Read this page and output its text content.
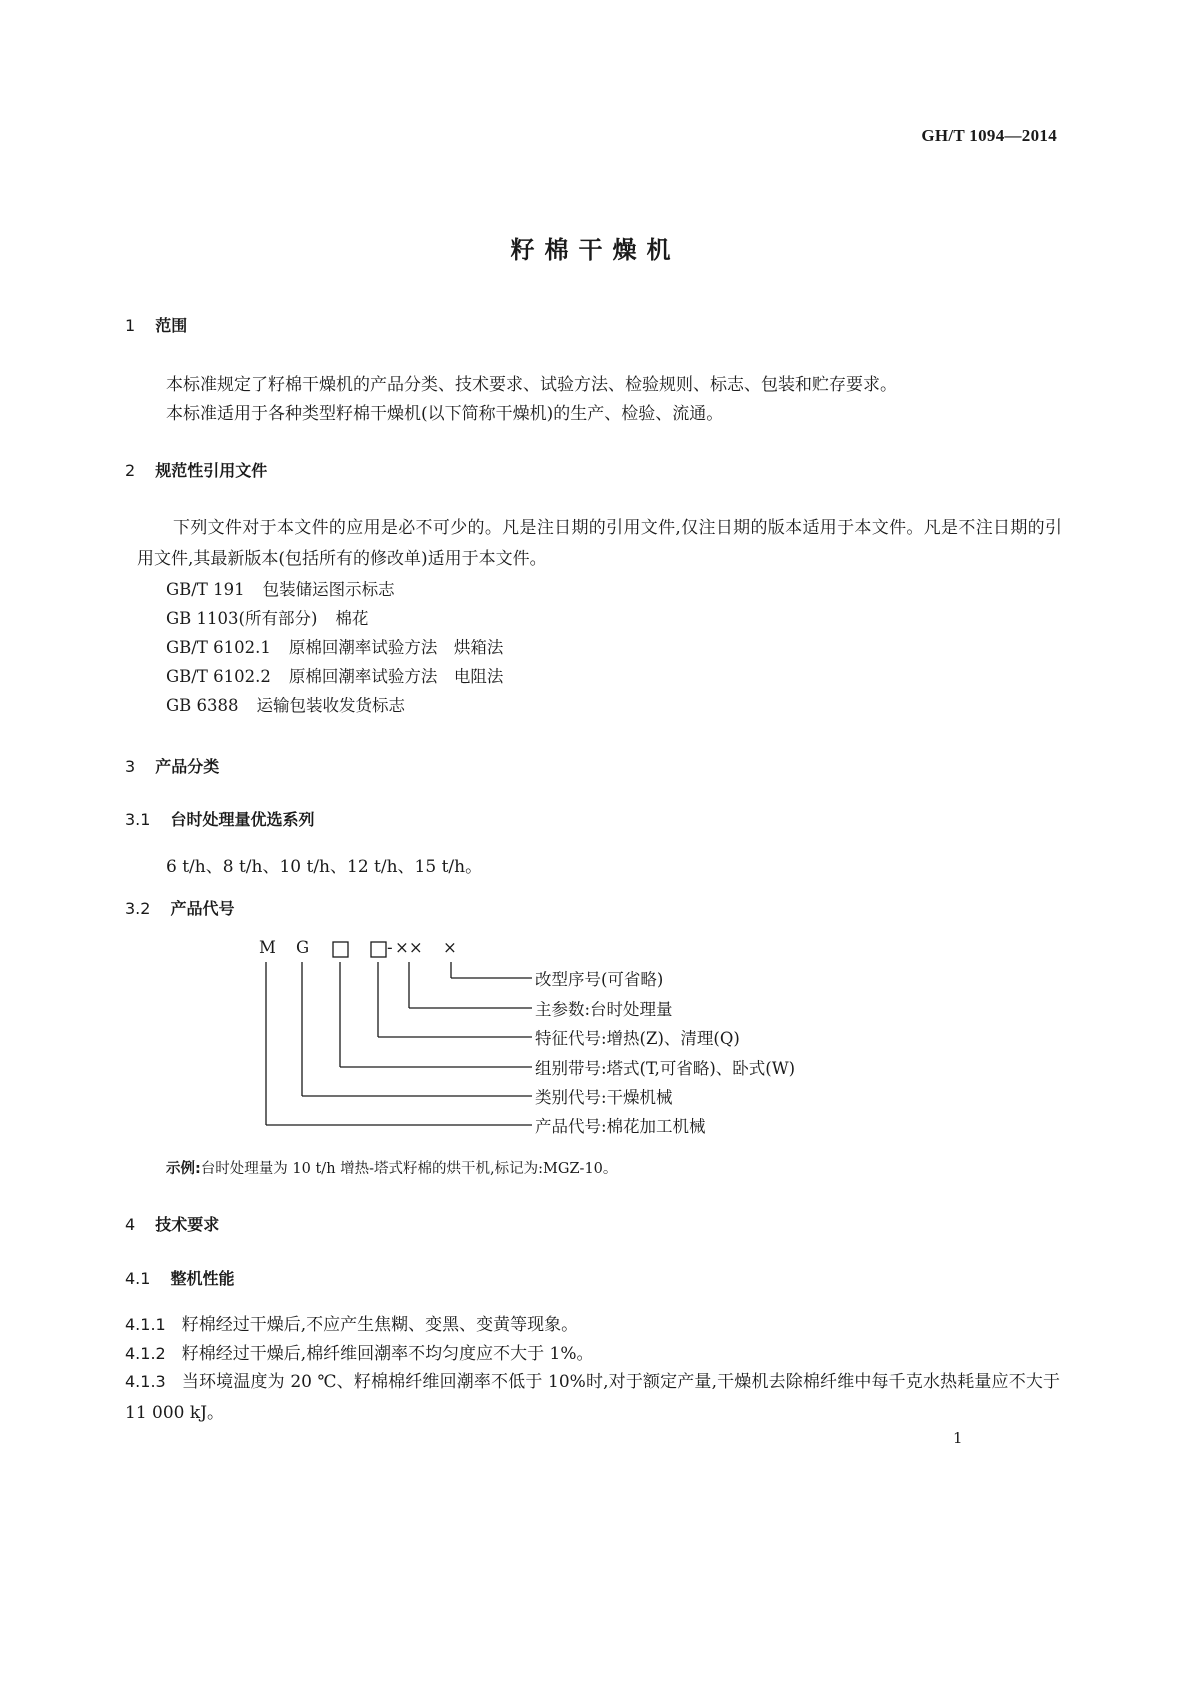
GH/T 1094—2014
籽棉干燥机
1 范围
本标准规定了籽棉干燥机的产品分类、技术要求、试验方法、检验规则、标志、包装和贮存要求。
本标准适用于各种类型籽棉干燥机(以下简称干燥机)的生产、检验、流通。
2 规范性引用文件
下列文件对于本文件的应用是必不可少的。凡是注日期的引用文件,仅注日期的版本适用于本文件。凡是不注日期的引用文件,其最新版本(包括所有的修改单)适用于本文件。
GB/T 191 包装储运图示标志
GB 1103(所有部分) 棉花
GB/T 6102.1 原棉回潮率试验方法　烘箱法
GB/T 6102.2 原棉回潮率试验方法　电阻法
GB 6388 运输包装收发货标志
3 产品分类
3.1 台时处理量优选系列
6 t/h、8 t/h、10 t/h、12 t/h、15 t/h。
3.2 产品代号
M G	- ×× ×
改型序号(可省略)
主参数:台时处理量
特征代号:增热(Z)、清理(Q)
组别带号:塔式(T,可省略)、卧式(W)
类别代号:干燥机械
产品代号:棉花加工机械
示例:台时处理量为 10 t/h 增热-塔式籽棉的烘干机,标记为:MGZ-10。
4 技术要求
4.1 整机性能
4.1.1 籽棉经过干燥后,不应产生焦糊、变黑、变黄等现象。
4.1.2 籽棉经过干燥后,棉纤维回潮率不均匀度应不大于 1%。
4.1.3 当环境温度为 20 ℃、籽棉棉纤维回潮率不低于 10%时,对于额定产量,干燥机去除棉纤维中每千克水热耗量应不大于 11 000 kJ。
1
